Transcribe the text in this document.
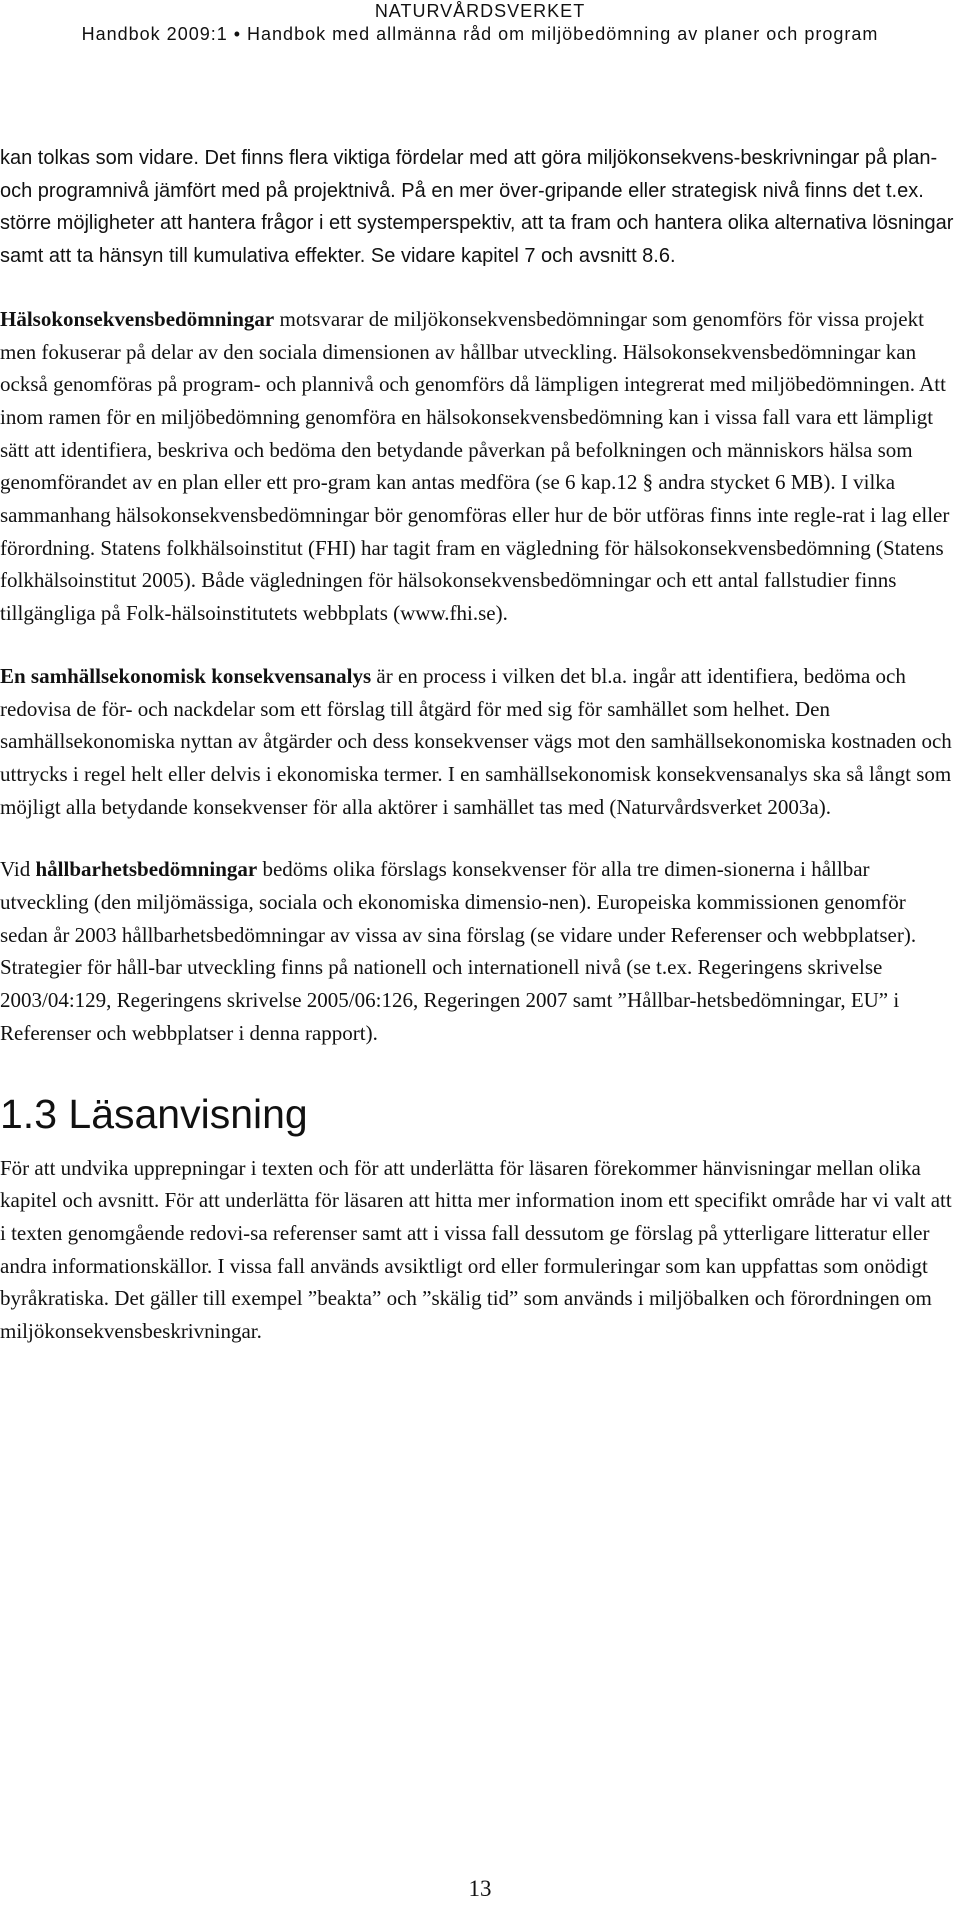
NATURVÅRDSVERKET
Handbok 2009:1 • Handbok med allmänna råd om miljöbedömning av planer och program

kan tolkas som vidare. Det finns flera viktiga fördelar med att göra miljökonsekvens-beskrivningar på plan- och programnivå jämfört med på projektnivå. På en mer över-gripande eller strategisk nivå finns det t.ex. större möjligheter att hantera frågor i ett systemperspektiv, att ta fram och hantera olika alternativa lösningar samt att ta hänsyn till kumulativa effekter. Se vidare kapitel 7 och avsnitt 8.6.

Hälsokonsekvensbedömningar motsvarar de miljökonsekvensbedömningar som genomförs för vissa projekt men fokuserar på delar av den sociala dimensionen av hållbar utveckling. Hälsokonsekvensbedömningar kan också genomföras på program- och plannivå och genomförs då lämpligen integrerat med miljöbedömningen. Att inom ramen för en miljöbedömning genomföra en hälsokonsekvensbedömning kan i vissa fall vara ett lämpligt sätt att identifiera, beskriva och bedöma den betydande påverkan på befolkningen och människors hälsa som genomförandet av en plan eller ett pro-gram kan antas medföra (se 6 kap.12 § andra stycket 6 MB). I vilka sammanhang hälsokonsekvensbedömningar bör genomföras eller hur de bör utföras finns inte regle-rat i lag eller förordning. Statens folkhälsoinstitut (FHI) har tagit fram en vägledning för hälsokonsekvensbedömning (Statens folkhälsoinstitut 2005). Både vägledningen för hälsokonsekvensbedömningar och ett antal fallstudier finns tillgängliga på Folk-hälsoinstitutets webbplats (www.fhi.se).

En samhällsekonomisk konsekvensanalys är en process i vilken det bl.a. ingår att identifiera, bedöma och redovisa de för- och nackdelar som ett förslag till åtgärd för med sig för samhället som helhet. Den samhällsekonomiska nyttan av åtgärder och dess konsekvenser vägs mot den samhällsekonomiska kostnaden och uttrycks i regel helt eller delvis i ekonomiska termer. I en samhällsekonomisk konsekvensanalys ska så långt som möjligt alla betydande konsekvenser för alla aktörer i samhället tas med (Naturvårdsverket 2003a).

Vid hållbarhetsbedömningar bedöms olika förslags konsekvenser för alla tre dimen-sionerna i hållbar utveckling (den miljömässiga, sociala och ekonomiska dimensio-nen). Europeiska kommissionen genomför sedan år 2003 hållbarhetsbedömningar av vissa av sina förslag (se vidare under Referenser och webbplatser). Strategier för håll-bar utveckling finns på nationell och internationell nivå (se t.ex. Regeringens skrivelse 2003/04:129, Regeringens skrivelse 2005/06:126, Regeringen 2007 samt ”Hållbar-hetsbedömningar, EU” i Referenser och webbplatser i denna rapport).

1.3 Läsanvisning

För att undvika upprepningar i texten och för att underlätta för läsaren förekommer hänvisningar mellan olika kapitel och avsnitt. För att underlätta för läsaren att hitta mer information inom ett specifikt område har vi valt att i texten genomgående redovi-sa referenser samt att i vissa fall dessutom ge förslag på ytterligare litteratur eller andra informationskällor. I vissa fall används avsiktligt ord eller formuleringar som kan uppfattas som onödigt byråkratiska. Det gäller till exempel ”beakta” och ”skälig tid” som används i miljöbalken och förordningen om miljökonsekvensbeskrivningar.

13
